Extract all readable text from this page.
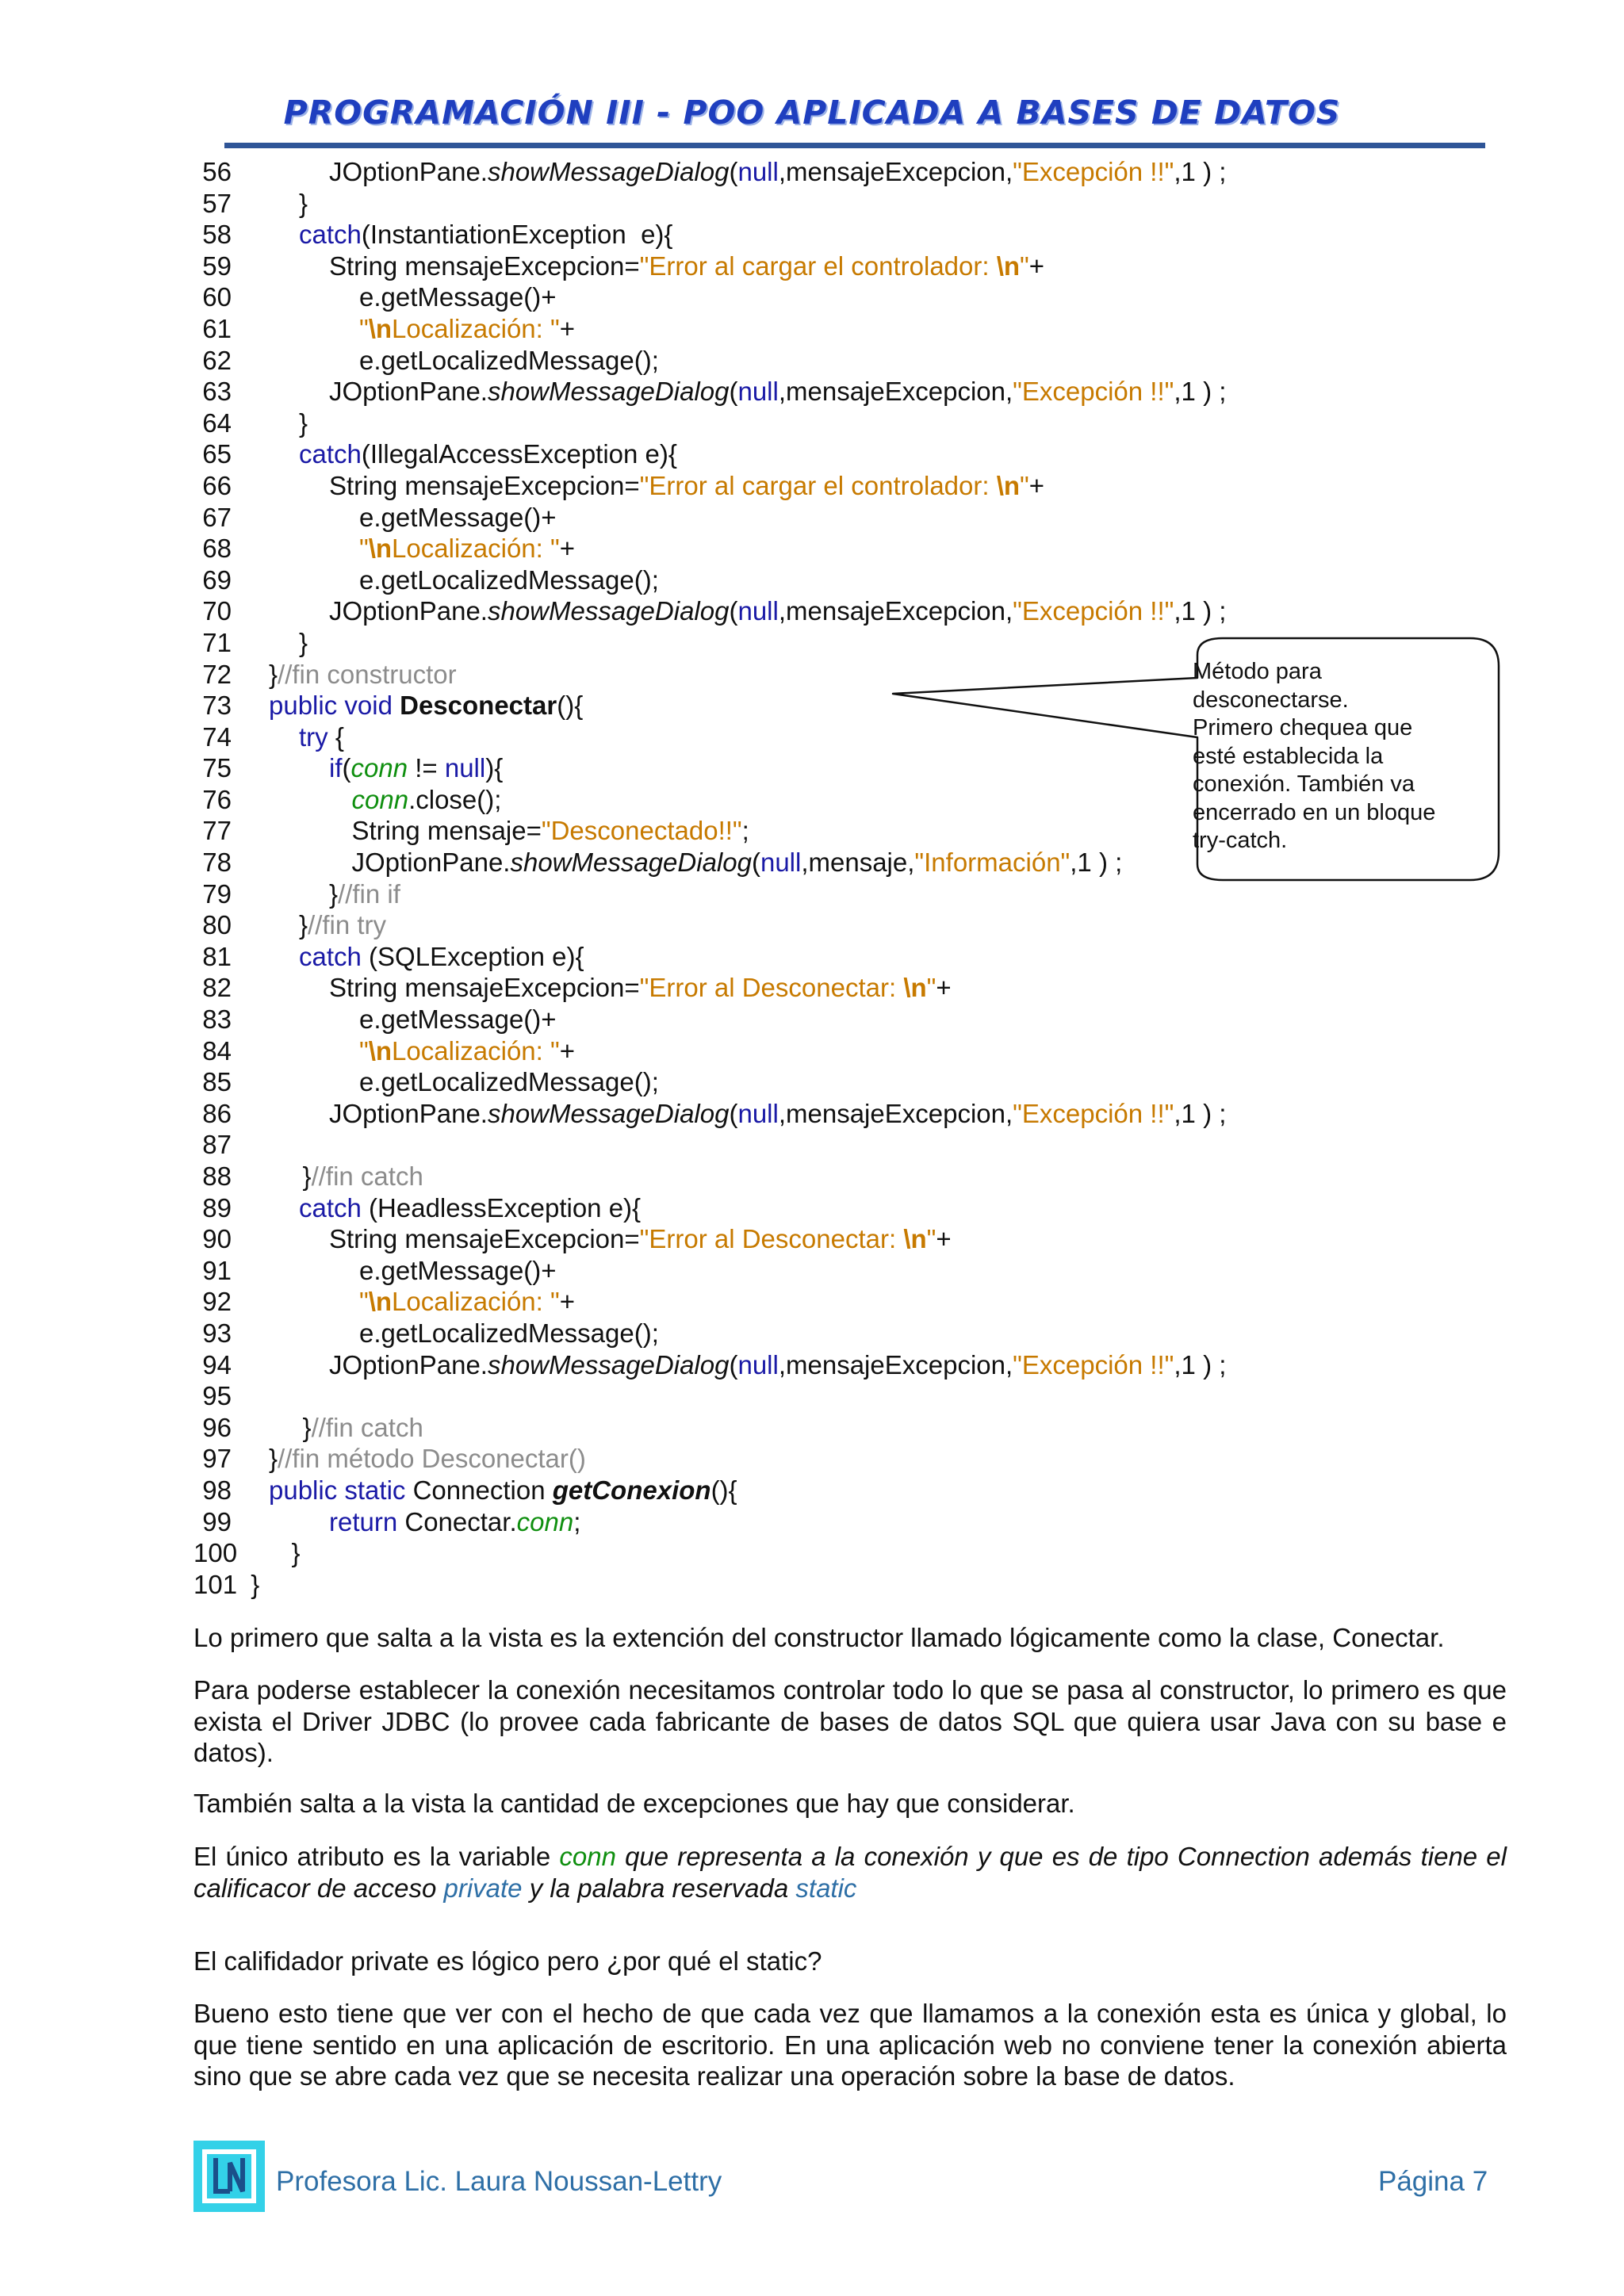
PROGRAMACIÓN III - POO APLICADA A BASES DE DATOS
56	JOptionPane.showMessageDialog(null,mensajeExcepcion,"Excepción !!",1 ) ;
57	}
58	catch(InstantiationException  e){
59	String mensajeExcepcion="Error al cargar el controlador: \n"+
60	e.getMessage()+
61	"\nLocalización: "+
62	e.getLocalizedMessage();
63	JOptionPane.showMessageDialog(null,mensajeExcepcion,"Excepción !!",1 ) ;
64	}
65	catch(IllegalAccessException e){
66	String mensajeExcepcion="Error al cargar el controlador: \n"+
67	e.getMessage()+
68	"\nLocalización: "+
69	e.getLocalizedMessage();
70	JOptionPane.showMessageDialog(null,mensajeExcepcion,"Excepción !!",1 ) ;
71	}
72 }//fin constructor
73 public void Desconectar(){
74	try {
75	if(conn != null){
76	conn.close();
77	String mensaje="Desconectado!!";
78	JOptionPane.showMessageDialog(null,mensaje,"Información",1 ) ;
79	}//fin if
80	}//fin try
81	catch (SQLException e){
82	String mensajeExcepcion="Error al Desconectar: \n"+
83	e.getMessage()+
84	"\nLocalización: "+
85	e.getLocalizedMessage();
86	JOptionPane.showMessageDialog(null,mensajeExcepcion,"Excepción !!",1 ) ;
87
88	}//fin catch
89	catch (HeadlessException e){
90	String mensajeExcepcion="Error al Desconectar: \n"+
91	e.getMessage()+
92	"\nLocalización: "+
93	e.getLocalizedMessage();
94	JOptionPane.showMessageDialog(null,mensajeExcepcion,"Excepción !!",1 ) ;
95
96	}//fin catch
97 }//fin método Desconectar()
98 public static Connection getConexion(){
99	return Conectar.conn;
100 }
101 }
Método para
desconectarse.
Primero chequea que
esté establecida la
conexión. También va
encerrado en un bloque
try-catch.

Lo primero que salta a la vista es la extención del constructor llamado lógicamente como la clase, Conectar.

Para poderse establecer la conexión necesitamos controlar todo lo que se pasa al constructor, lo primero es que exista el Driver JDBC (lo provee cada fabricante de bases de datos SQL que quiera usar Java con su base e datos).

También salta a la vista la cantidad de excepciones que hay que considerar.

El único atributo es la variable conn que representa a la conexión y que es de tipo Connection además tiene el calificacor de acceso private y la palabra reservada static

El califidador private es lógico pero ¿por qué el static?

Bueno esto tiene que ver con el hecho de que cada vez que llamamos a la conexión esta es única y global, lo que tiene sentido en una aplicación de escritorio. En una aplicación web no conviene tener la conexión abierta sino que se abre cada vez que se necesita realizar una operación sobre la base de datos.

Profesora Lic. Laura Noussan-Lettry	Página 7
